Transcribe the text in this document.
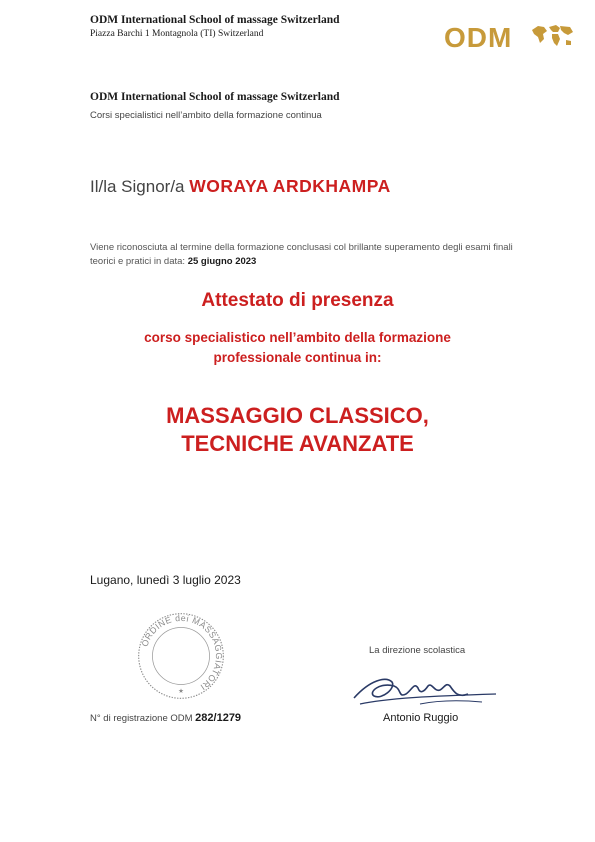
ODM International School of massage Switzerland
Piazza Barchi 1 Montagnola (TI) Switzerland	ODM
ODM International School of massage Switzerland
Corsi specialistici nell’ambito della formazione continua
Il/la Signor/a WORAYA ARDKHAMPA
Viene riconosciuta al termine della formazione conclusasi col brillante superamento degli esami finali teorici e pratici in data: 25 giugno 2023
Attestato di presenza
corso specialistico nell’ambito della formazione
professionale continua in:
MASSAGGIO CLASSICO,
TECNICHE AVANZATE
Lugano, lunedì 3 luglio 2023
ORDINE dei MASSAGGIATORI
★
La direzione scolastica
Antonio Ruggio
N° di registrazione ODM 282/1279
